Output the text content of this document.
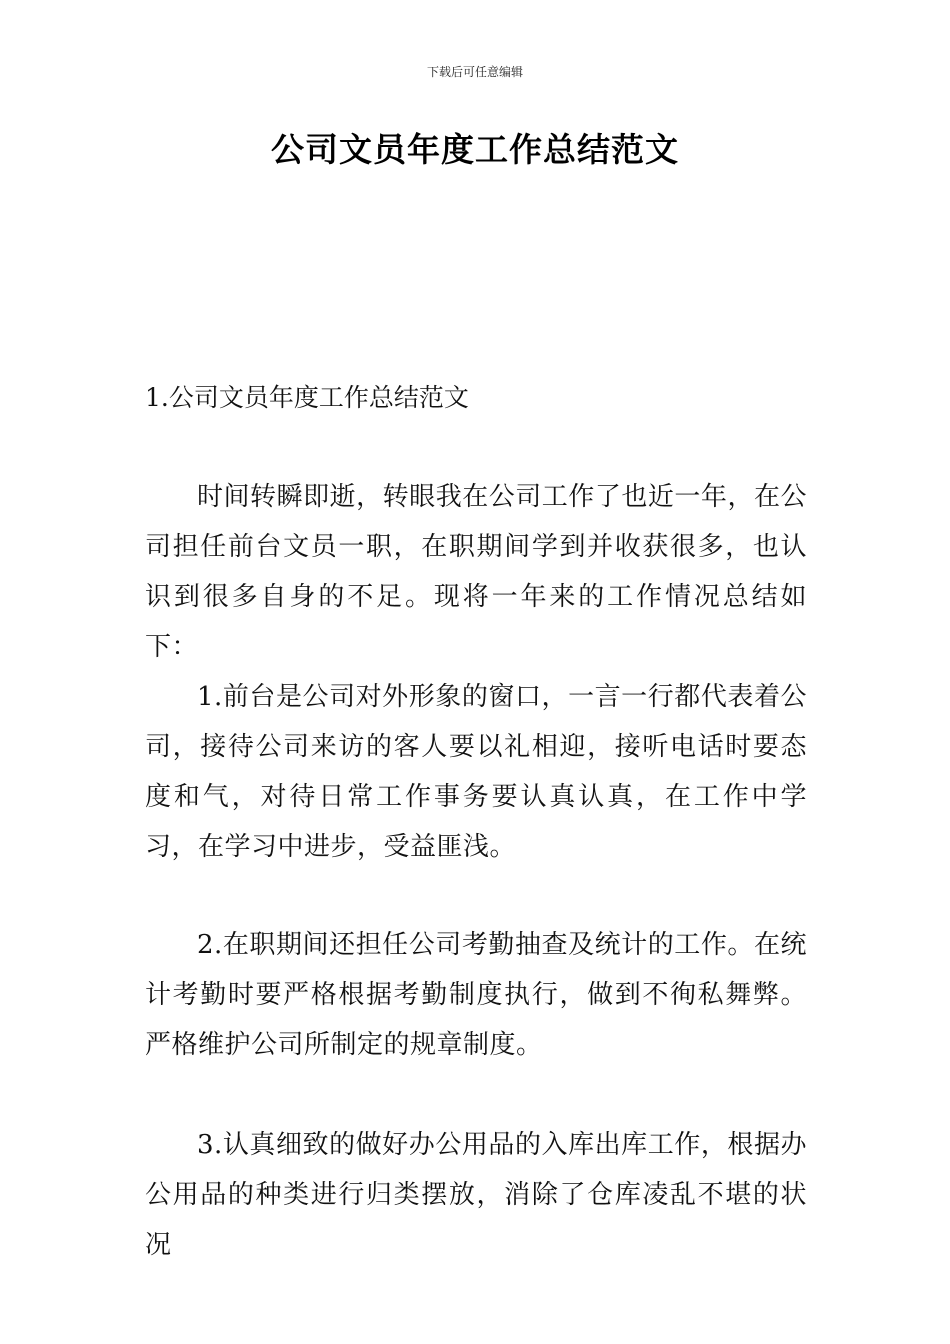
下载后可任意编辑
公司文员年度工作总结范文
1.公司文员年度工作总结范文

时间转瞬即逝，转眼我在公司工作了也近一年，在公司担任前台文员一职，在职期间学到并收获很多，也认识到很多自身的不足。现将一年来的工作情况总结如下：

1.前台是公司对外形象的窗口，一言一行都代表着公司，接待公司来访的客人要以礼相迎，接听电话时要态度和气，对待日常工作事务要认真认真，在工作中学习，在学习中进步，受益匪浅。

2.在职期间还担任公司考勤抽查及统计的工作。在统计考勤时要严格根据考勤制度执行，做到不徇私舞弊。严格维护公司所制定的规章制度。

3.认真细致的做好办公用品的入库出库工作，根据办公用品的种类进行归类摆放，消除了仓库凌乱不堪的状况
